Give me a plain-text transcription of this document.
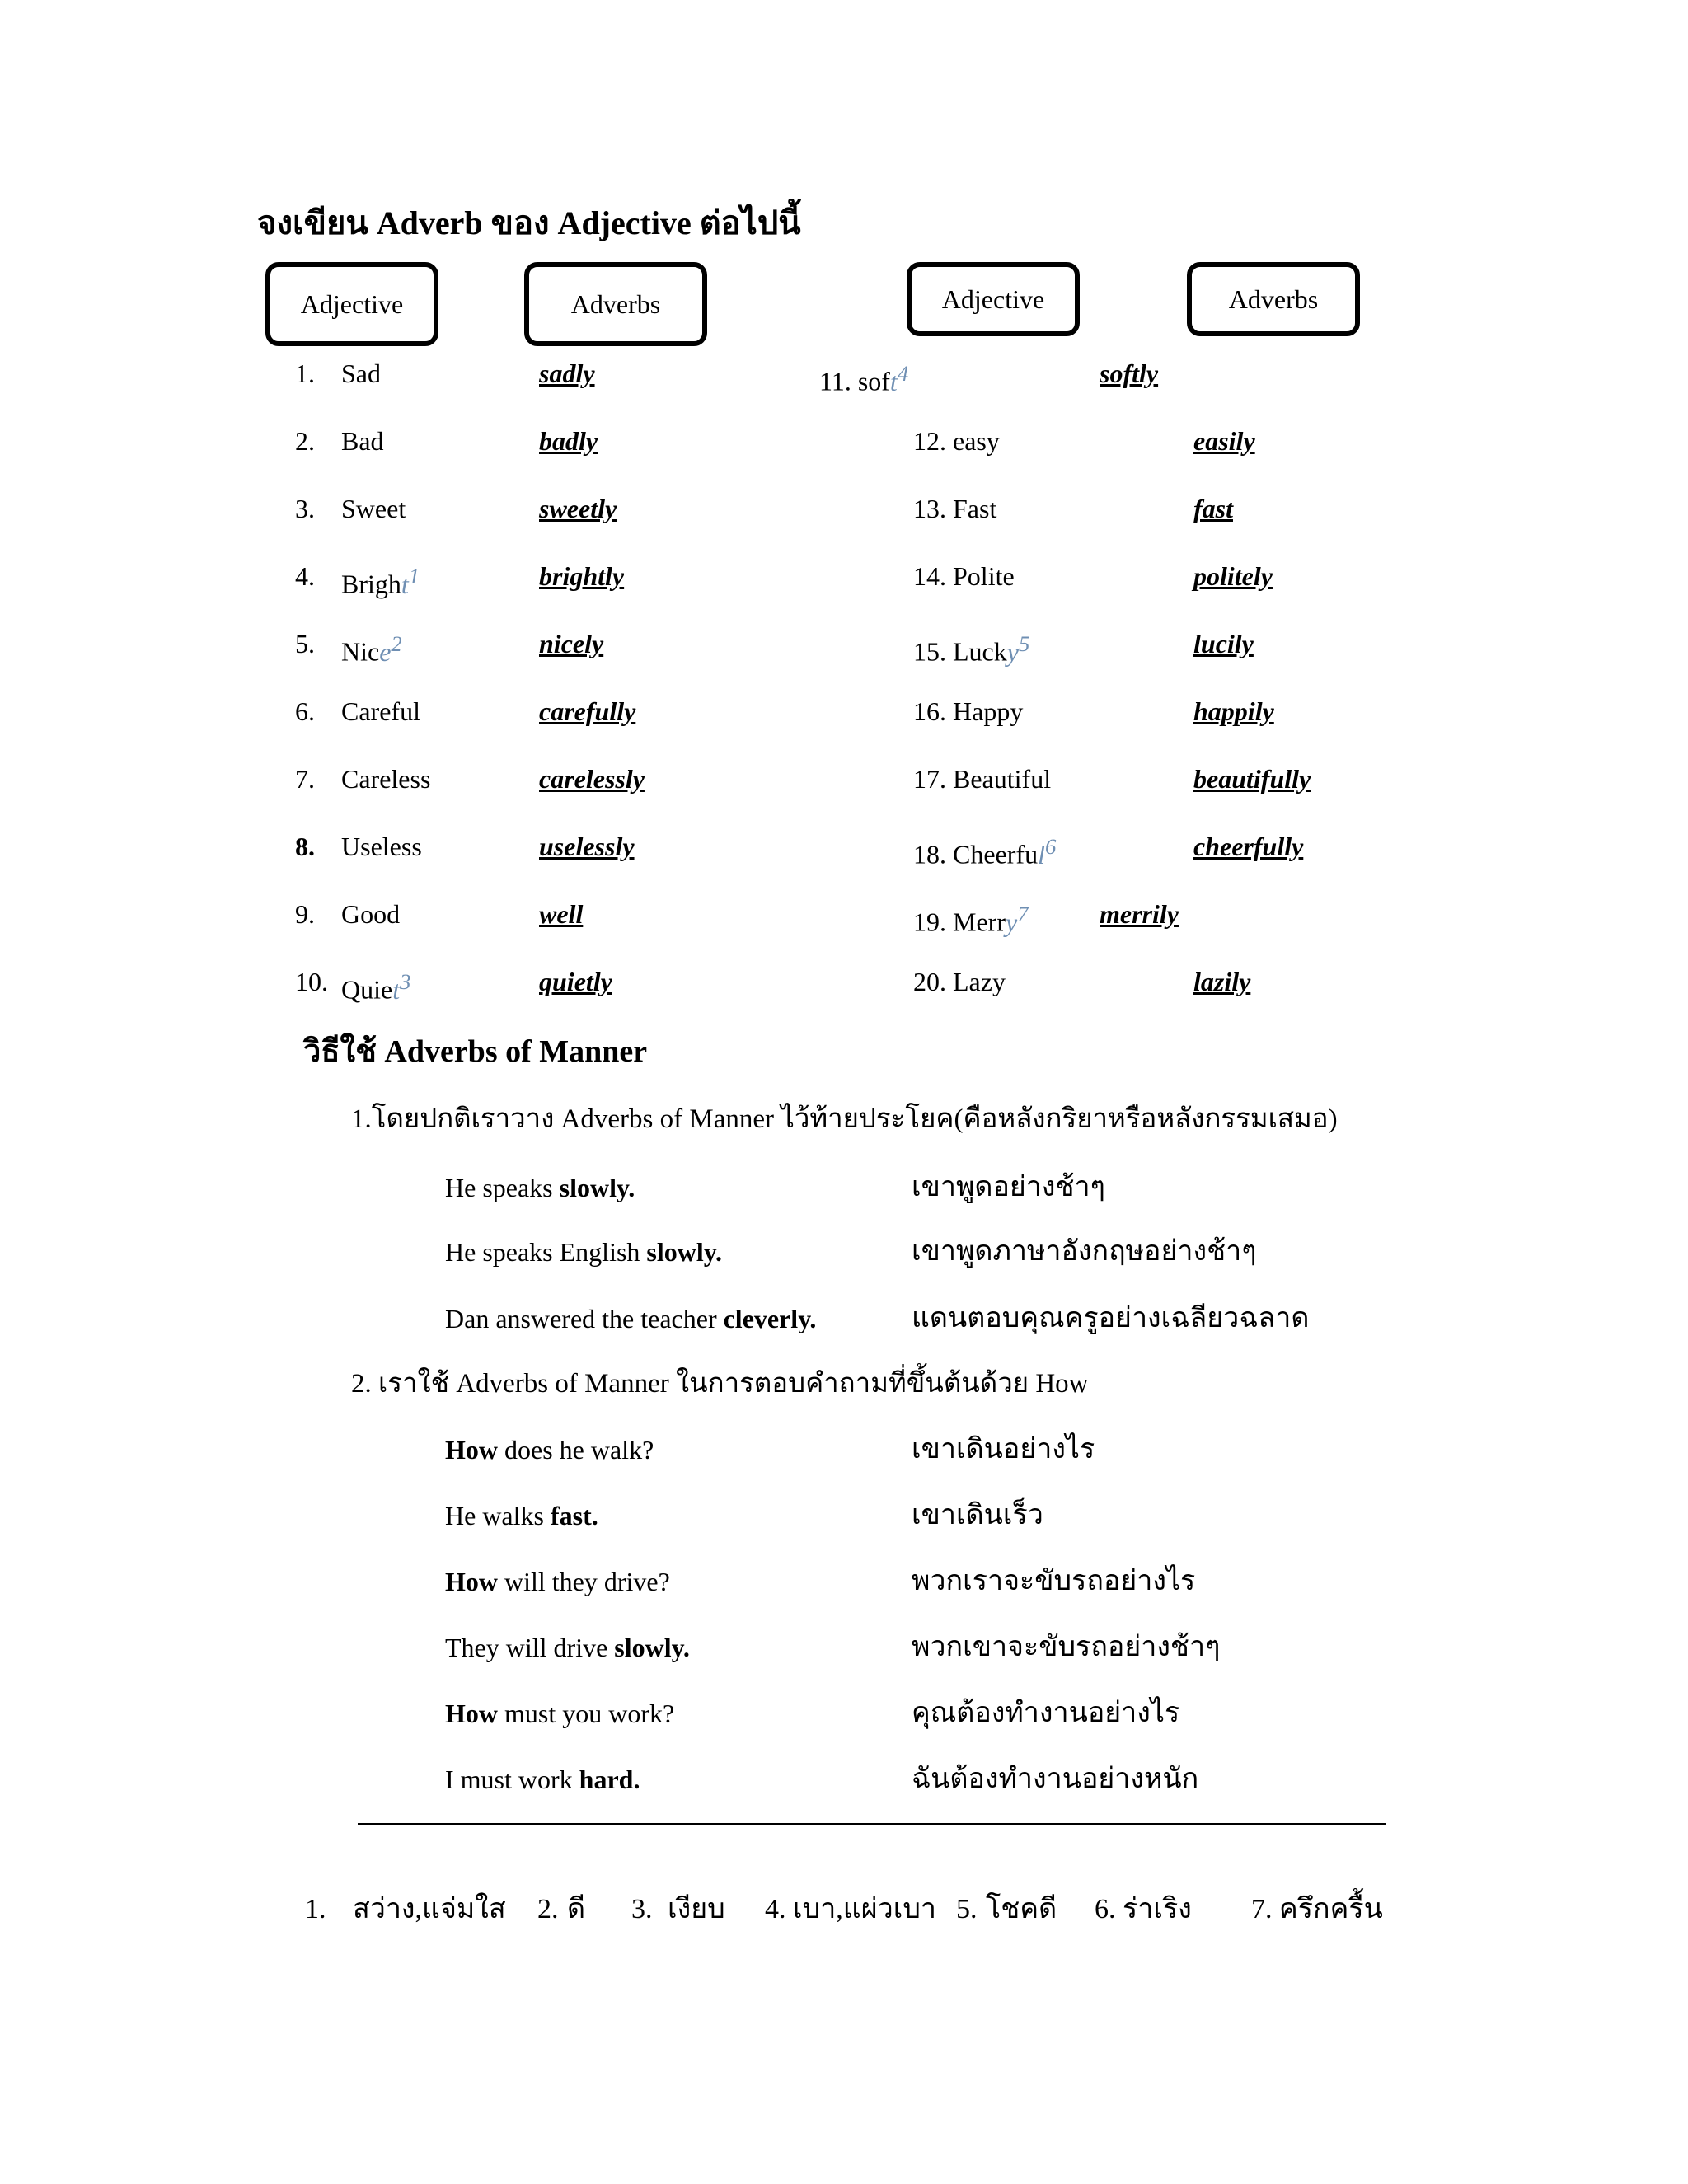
จงเขียน Adverb ของ Adjective ต่อไปนี้
Adjective	Adverbs	Adjective	Adverbs
1. Sad	sadly
2. Bad	badly
3. Sweet	sweetly
4. Bright$^1$	brightly
5. Nice$^2$	nicely
6. Careful	carefully
7. Careless	carelessly
8. Useless	uselessly
9. Good	well
10. Quiet$^3$	quietly
11. soft$^4$	softly
12. easy	easily
13. Fast	fast
14. Polite	politely
15. Lucky$^5$	lucily
16. Happy	happily
17. Beautiful	beautifully
18. Cheerful$^6$	cheerfully
19. Merry$^7$	merrily
20. Lazy	lazily
วิธีใช้ Adverbs of Manner
1.โดยปกติเราวาง Adverbs of Manner ไว้ท้ายประโยค(คือหลังกริยาหรือหลังกรรมเสมอ)
He speaks slowly.	เขาพูดอย่างช้าๆ
He speaks English slowly.	เขาพูดภาษาอังกฤษอย่างช้าๆ
Dan answered the teacher cleverly.	แดนตอบคุณครูอย่างเฉลียวฉลาด
2. เราใช้ Adverbs of Manner ในการตอบคำถามที่ขึ้นต้นด้วย How
How does he walk?	เขาเดินอย่างไร
He walks fast.	เขาเดินเร็ว
How will they drive?	พวกเราจะขับรถอย่างไร
They will drive slowly.	พวกเขาจะขับรถอย่างช้าๆ
How must you work?	คุณต้องทำงานอย่างไร
I must work hard.	ฉันต้องทำงานอย่างหนัก
1. สว่าง,แจ่มใส 2. ดี 3. เงียบ 4. เบา,แผ่วเบา 5. โชคดี 6. ร่าเริง 7. ครึกครื้น
